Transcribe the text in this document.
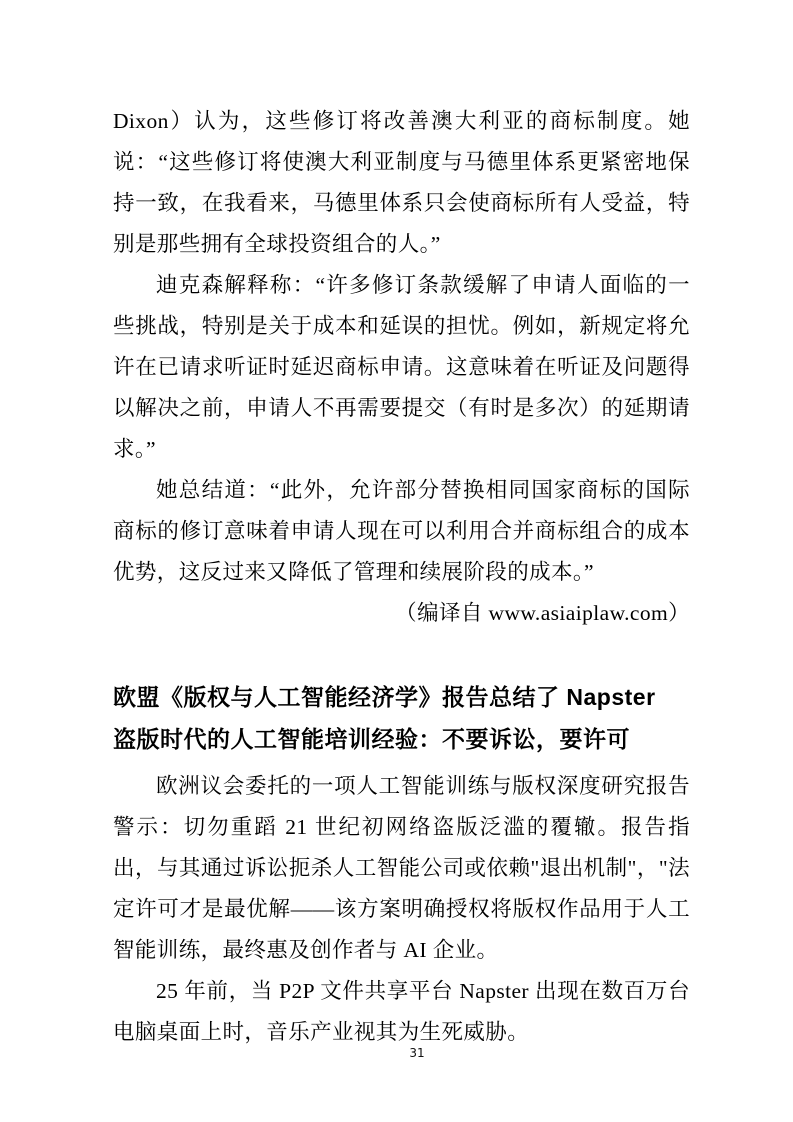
Dixon）认为，这些修订将改善澳大利亚的商标制度。她说：“这些修订将使澳大利亚制度与马德里体系更紧密地保持一致，在我看来，马德里体系只会使商标所有人受益，特别是那些拥有全球投资组合的人。”

迪克森解释称：“许多修订条款缓解了申请人面临的一些挑战，特别是关于成本和延误的担忧。例如，新规定将允许在已请求听证时延迟商标申请。这意味着在听证及问题得以解决之前，申请人不再需要提交（有时是多次）的延期请求。”

她总结道：“此外，允许部分替换相同国家商标的国际商标的修订意味着申请人现在可以利用合并商标组合的成本优势，这反过来又降低了管理和续展阶段的成本。”

（编译自 www.asiaiplaw.com）

欧盟《版权与人工智能经济学》报告总结了 Napster
盗版时代的人工智能培训经验：不要诉讼，要许可

欧洲议会委托的一项人工智能训练与版权深度研究报告警示：切勿重蹈 21 世纪初网络盗版泛滥的覆辙。报告指出，与其通过诉讼扼杀人工智能公司或依赖"退出机制"，"法定许可才是最优解——该方案明确授权将版权作品用于人工智能训练，最终惠及创作者与 AI 企业。

25 年前，当 P2P 文件共享平台 Napster 出现在数百万台电脑桌面上时，音乐产业视其为生死威胁。

31
